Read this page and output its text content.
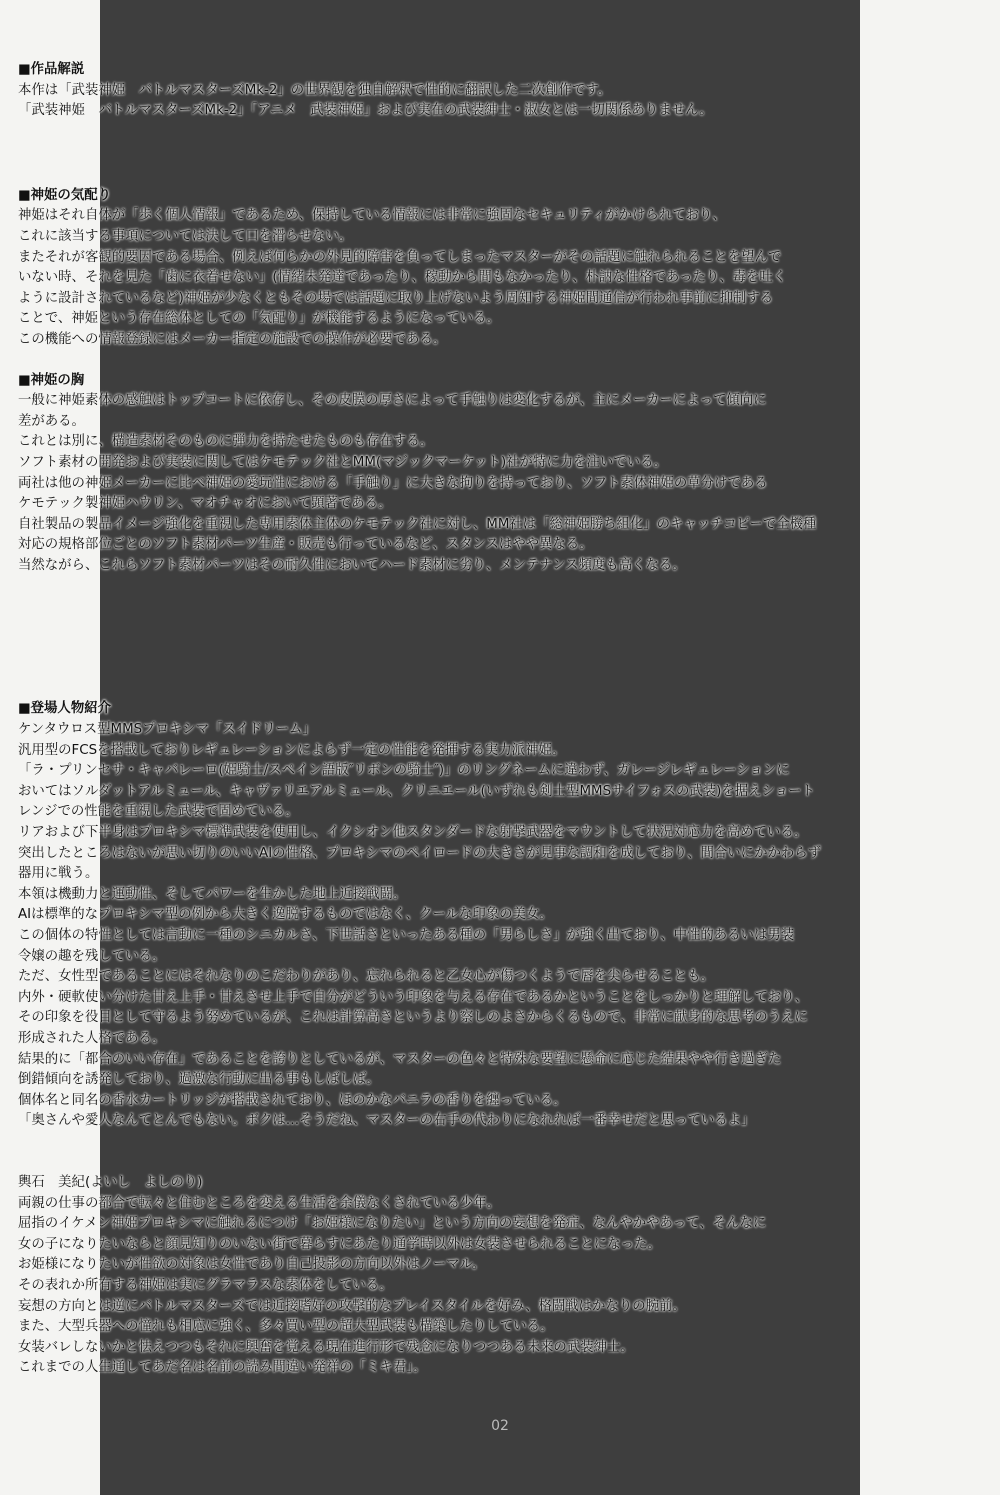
■作品解説

本作は「武装神姫　バトルマスターズMk-2」の世界観を独自解釈で性的に翻訳した二次創作です。

「武装神姫　バトルマスターズMk-2」「アニメ　武装神姫」および実在の武装紳士・淑女とは一切関係ありません。

■神姫の気配り

神姫はそれ自体が「歩く個人情報」であるため、保持している情報には非常に強固なセキュリティがかけられており、

これに該当する事項については決して口を滑らせない。

またそれが客観的要因である場合、例えば何らかの外見的障害を負ってしまったマスターがその話題に触れられることを望んで

いない時、それを見た「歯に衣着せない」(情緒未発達であったり、稼動から間もなかったり、朴訥な性格であったり、毒を吐く

ように設計されているなど)神姫が少なくともその場では話題に取り上げないよう周知する神姫間通信が行われ事前に抑制する

ことで、神姫という存在総体としての「気配り」が機能するようになっている。

この機能への情報登録にはメーカー指定の施設での操作が必要である。

■神姫の胸

一般に神姫素体の感触はトップコートに依存し、その皮膜の厚さによって手触りは変化するが、主にメーカーによって傾向に

差がある。

これとは別に、構造素材そのものに弾力を持たせたものも存在する。

ソフト素材の開発および実装に関してはケモテック社とMM(マジックマーケット)社が特に力を注いでいる。

両社は他の神姫メーカーに比べ神姫の愛玩性における「手触り」に大きな拘りを持っており、ソフト素体神姫の草分けである

ケモテック製神姫ハウリン、マオチャオにおいて顕著である。

自社製品の製品イメージ強化を重視した専用素体主体のケモテック社に対し、MM社は「総神姫勝ち組化」のキャッチコピーで全機種

対応の規格部位ごとのソフト素材パーツ生産・販売も行っているなど、スタンスはやや異なる。

当然ながら、これらソフト素材パーツはその耐久性においてハード素材に劣り、メンテナンス頻度も高くなる。

■登場人物紹介

ケンタウロス型MMSプロキシマ「スイドリーム」

汎用型のFCSを搭載しておりレギュレーションによらず一定の性能を発揮する実力派神姫。

「ラ・プリンセサ・キャバレーロ(姫騎士/スペイン語版″リボンの騎士″)」のリングネームに違わず、ガレージレギュレーションに

おいてはソルダットアルミュール、キャヴァリエアルミュール、クリニエール(いずれも剣士型MMSサイフォスの武装)を据えショート

レンジでの性能を重視した武装で固めている。

リアおよび下半身はプロキシマ標準武装を使用し、イクシオン他スタンダードな射撃武器をマウントして状況対応力を高めている。

突出したところはないが思い切りのいいAIの性格、プロキシマのペイロードの大きさが見事な調和を成しており、間合いにかかわらず

器用に戦う。

本領は機動力と運動性、そしてパワーを生かした地上近接戦闘。

AIは標準的なプロキシマ型の例から大きく逸脱するものではなく、クールな印象の美女。

この個体の特性としては言動に一種のシニカルさ、下世話さといったある種の「男らしさ」が強く出ており、中性的あるいは男装

令嬢の趣を残している。

ただ、女性型であることにはそれなりのこだわりがあり、忘れられると乙女心が傷つくようで唇を尖らせることも。

内外・硬軟使い分けた甘え上手・甘えさせ上手で自分がどういう印象を与える存在であるかということをしっかりと理解しており、

その印象を役目として守るよう努めているが、これは計算高さというより察しのよさからくるもので、非常に献身的な思考のうえに

形成された人格である。

結果的に「都合のいい存在」であることを誇りとしているが、マスターの色々と特殊な要望に懸命に応じた結果やや行き過ぎた

倒錯傾向を誘発しており、過激な行動に出る事もしばしば。

個体名と同名の香水カートリッジが搭載されており、ほのかなバニラの香りを纏っている。

「奥さんや愛人なんてとんでもない。ボクは…そうだね、マスターの右手の代わりになれれば一番幸せだと思っているよ」

輿石　美紀(よいし　よしのり)

両親の仕事の都合で転々と住むところを変える生活を余儀なくされている少年。

屈指のイケメン神姫プロキシマに触れるにつけ「お姫様になりたい」という方向の妄想を発症、なんやかやあって、そんなに

女の子になりたいならと顔見知りのいない街で暮らすにあたり通学時以外は女装させられることになった。

お姫様になりたいが性欲の対象は女性であり自己投影の方向以外はノーマル。

その表れか所有する神姫は実にグラマラスな素体をしている。

妄想の方向とは逆にバトルマスターズでは近接嗜好の攻撃的なプレイスタイルを好み、格闘戦はかなりの腕前。

また、大型兵器への憧れも相応に強く、多々買い型の超大型武装も構築したりしている。

女装バレしないかと怯えつつもそれに興奮を覚える現在進行形で残念になりつつある未来の武装紳士。

これまでの人生通してあだ名は名前の読み間違い発祥の「ミキ君」。

02
